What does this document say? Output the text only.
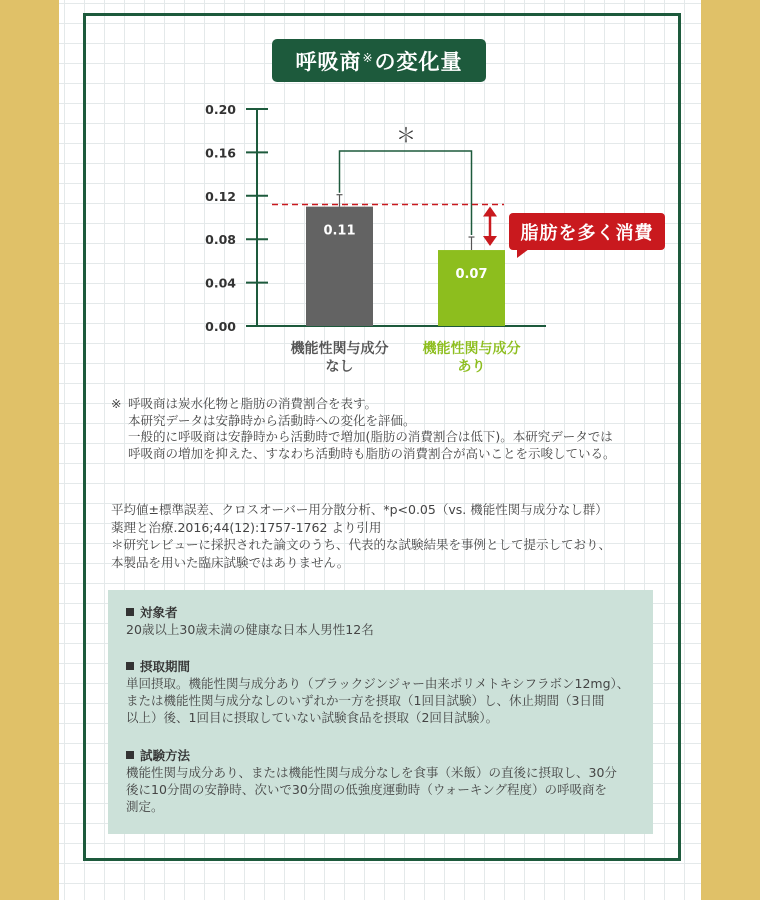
呼吸商※ の変化量
0.00
0.04
0.08
0.12
0.16
0.20
0.11
機能性関与成分
なし
0.07
機能性関与成分
あり
＊
脂肪を多く消費
※ 呼吸商は炭水化物と脂肪の消費割合を表す。
本研究データは安静時から活動時への変化を評価。
一般的に呼吸商は安静時から活動時で増加(脂肪の消費割合は低下)。本研究データでは
呼吸商の増加を抑えた、すなわち活動時も脂肪の消費割合が高いことを示唆している。
平均値±標準誤差、クロスオーバー用分散分析、*p<0.05（vs. 機能性関与成分なし群）
薬理と治療.2016;44(12):1757-1762 より引用
＊研究レビューに採択された論文のうち、代表的な試験結果を事例として提示しており、
本製品を用いた臨床試験ではありません。
対象者
20歳以上30歳未満の健康な日本人男性12名
摂取期間
単回摂取。機能性関与成分あり（ブラックジンジャー由来ポリメトキシフラボン12mg）、
または機能性関与成分なしのいずれか一方を摂取（1回目試験）し、休止期間（3日間
以上）後、1回目に摂取していない試験食品を摂取（2回目試験）。
試験方法
機能性関与成分あり、または機能性関与成分なしを食事（米飯）の直後に摂取し、30分
後に10分間の安静時、次いで30分間の低強度運動時（ウォーキング程度）の呼吸商を
測定。
